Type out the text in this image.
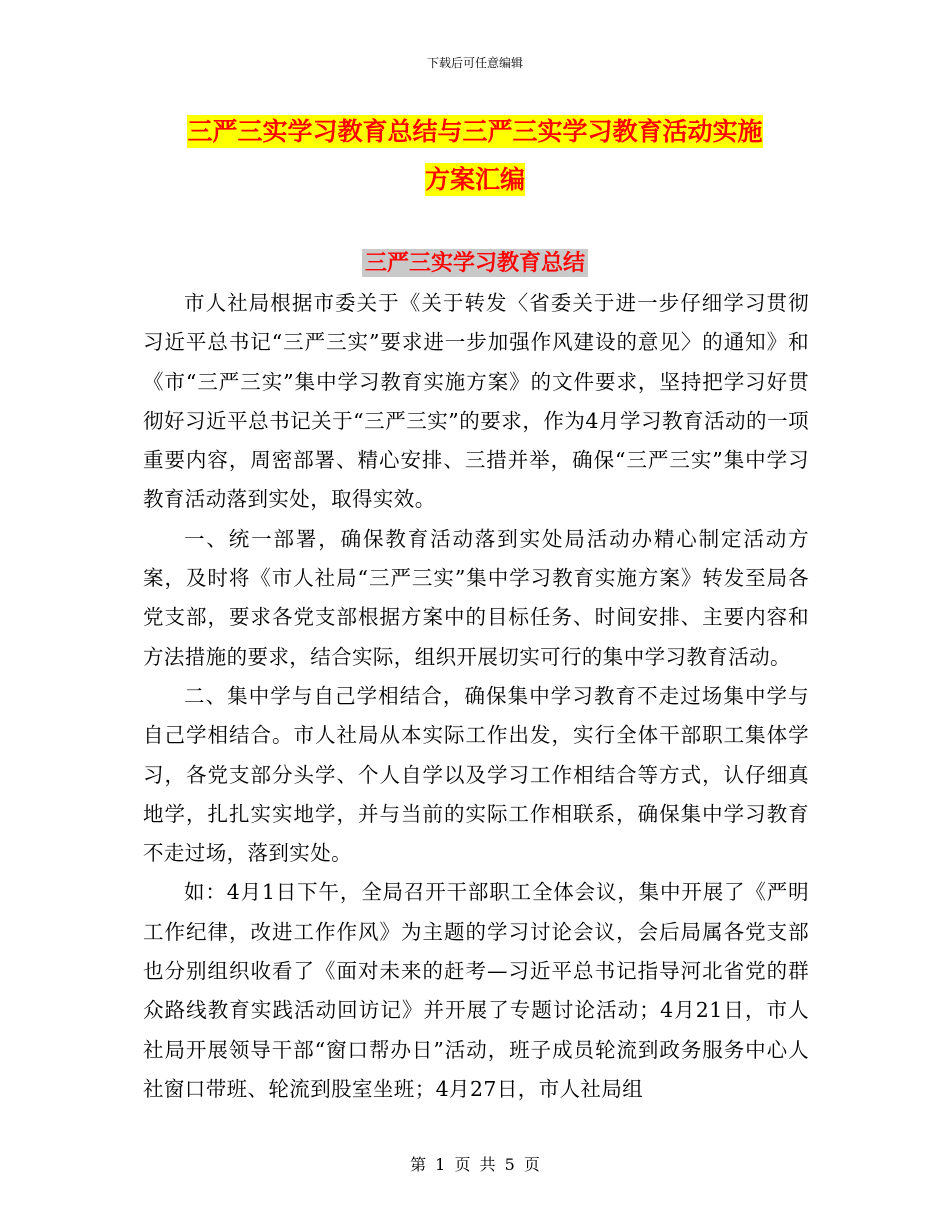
下载后可任意编辑
三严三实学习教育总结与三严三实学习教育活动实施
方案汇编
三严三实学习教育总结

市人社局根据市委关于《关于转发〈省委关于进一步仔细学习贯彻习近平总书记“三严三实”要求进一步加强作风建设的意见〉的通知》和《市“三严三实”集中学习教育实施方案》的文件要求，坚持把学习好贯彻好习近平总书记关于“三严三实”的要求，作为4月学习教育活动的一项重要内容，周密部署、精心安排、三措并举，确保“三严三实”集中学习教育活动落到实处，取得实效。

一、统一部署，确保教育活动落到实处局活动办精心制定活动方案，及时将《市人社局“三严三实”集中学习教育实施方案》转发至局各党支部，要求各党支部根据方案中的目标任务、时间安排、主要内容和方法措施的要求，结合实际，组织开展切实可行的集中学习教育活动。

二、集中学与自己学相结合，确保集中学习教育不走过场集中学与自己学相结合。市人社局从本实际工作出发，实行全体干部职工集体学习，各党支部分头学、个人自学以及学习工作相结合等方式，认仔细真地学，扎扎实实地学，并与当前的实际工作相联系，确保集中学习教育不走过场，落到实处。

如：4月1日下午，全局召开干部职工全体会议，集中开展了《严明工作纪律，改进工作作风》为主题的学习讨论会议，会后局属各党支部也分别组织收看了《面对未来的赶考—习近平总书记指导河北省党的群众路线教育实践活动回访记》并开展了专题讨论活动；4月21日，市人社局开展领导干部“窗口帮办日”活动，班子成员轮流到政务服务中心人社窗口带班、轮流到股室坐班；4月27日，市人社局组

第 1 页 共 5 页
